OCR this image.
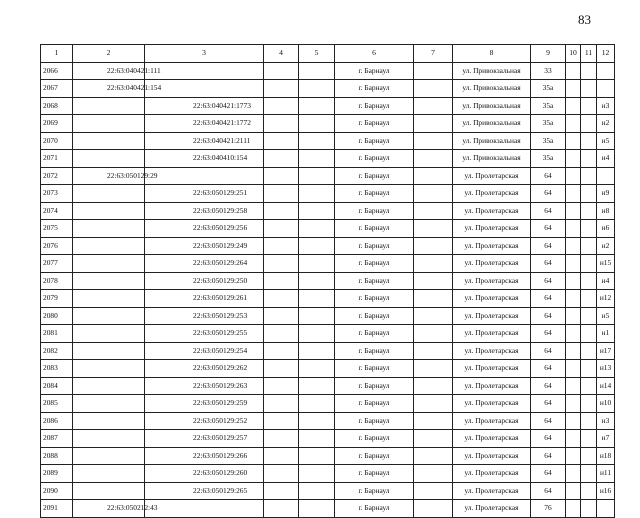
83
1	2	3	4	5	6	7	8	9	10	11	12
2066	22:63:040421:111				г. Барнаул		ул. Привокзальная	33			
2067	22:63:040421:154				г. Барнаул		ул. Привокзальная	35а			
2068		22:63:040421:1773			г. Барнаул		ул. Привокзальная	35а			н3
2069		22:63:040421:1772			г. Барнаул		ул. Привокзальная	35а			н2
2070		22:63:040421:2111			г. Барнаул		ул. Привокзальная	35а			н5
2071		22:63:040410:154			г. Барнаул		ул. Привокзальная	35а			н4
2072	22:63:050129:29				г. Барнаул		ул. Пролетарская	64			
2073		22:63:050129:251			г. Барнаул		ул. Пролетарская	64			н9
2074		22:63:050129:258			г. Барнаул		ул. Пролетарская	64			н8
2075		22:63:050129:256			г. Барнаул		ул. Пролетарская	64			н6
2076		22:63:050129:249			г. Барнаул		ул. Пролетарская	64			н2
2077		22:63:050129:264			г. Барнаул		ул. Пролетарская	64			н15
2078		22:63:050129:250			г. Барнаул		ул. Пролетарская	64			н4
2079		22:63:050129:261			г. Барнаул		ул. Пролетарская	64			н12
2080		22:63:050129:253			г. Барнаул		ул. Пролетарская	64			н5
2081		22:63:050129:255			г. Барнаул		ул. Пролетарская	64			н1
2082		22:63:050129:254			г. Барнаул		ул. Пролетарская	64			н17
2083		22:63:050129:262			г. Барнаул		ул. Пролетарская	64			н13
2084		22:63:050129:263			г. Барнаул		ул. Пролетарская	64			н14
2085		22:63:050129:259			г. Барнаул		ул. Пролетарская	64			н10
2086		22:63:050129:252			г. Барнаул		ул. Пролетарская	64			н3
2087		22:63:050129:257			г. Барнаул		ул. Пролетарская	64			н7
2088		22:63:050129:266			г. Барнаул		ул. Пролетарская	64			н18
2089		22:63:050129:260			г. Барнаул		ул. Пролетарская	64			н11
2090		22:63:050129:265			г. Барнаул		ул. Пролетарская	64			н16
2091	22:63:050212:43				г. Барнаул		ул. Пролетарская	76			
